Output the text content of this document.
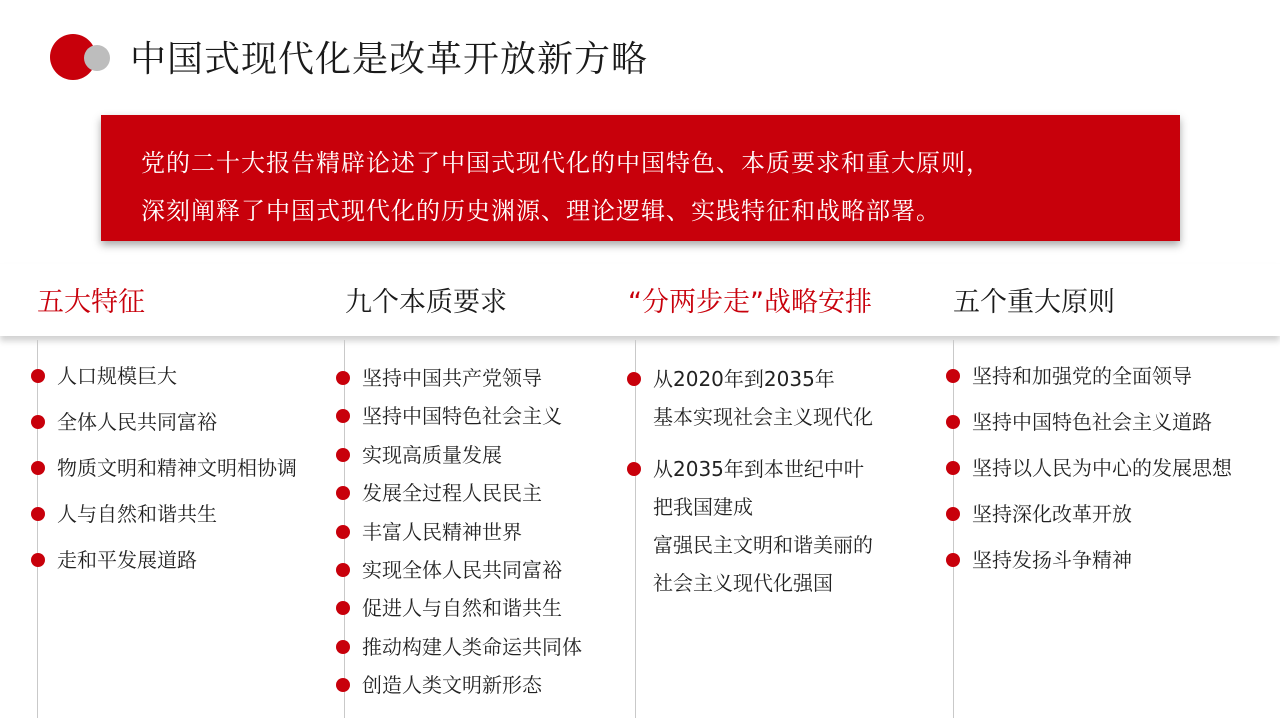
中国式现代化是改革开放新方略

党的二十大报告精辟论述了中国式现代化的中国特色、本质要求和重大原则，

深刻阐释了中国式现代化的历史渊源、理论逻辑、实践特征和战略部署。

五大特征	九个本质要求	“分两步走”战略安排	五个重大原则
人口规模巨大
全体人民共同富裕
物质文明和精神文明相协调
人与自然和谐共生
走和平发展道路
坚持中国共产党领导
坚持中国特色社会主义
实现高质量发展
发展全过程人民民主
丰富人民精神世界
实现全体人民共同富裕
促进人与自然和谐共生
推动构建人类命运共同体
创造人类文明新形态
从2020年到2035年
基本实现社会主义现代化
从2035年到本世纪中叶
把我国建成
富强民主文明和谐美丽的
社会主义现代化强国
坚持和加强党的全面领导
坚持中国特色社会主义道路
坚持以人民为中心的发展思想
坚持深化改革开放
坚持发扬斗争精神
